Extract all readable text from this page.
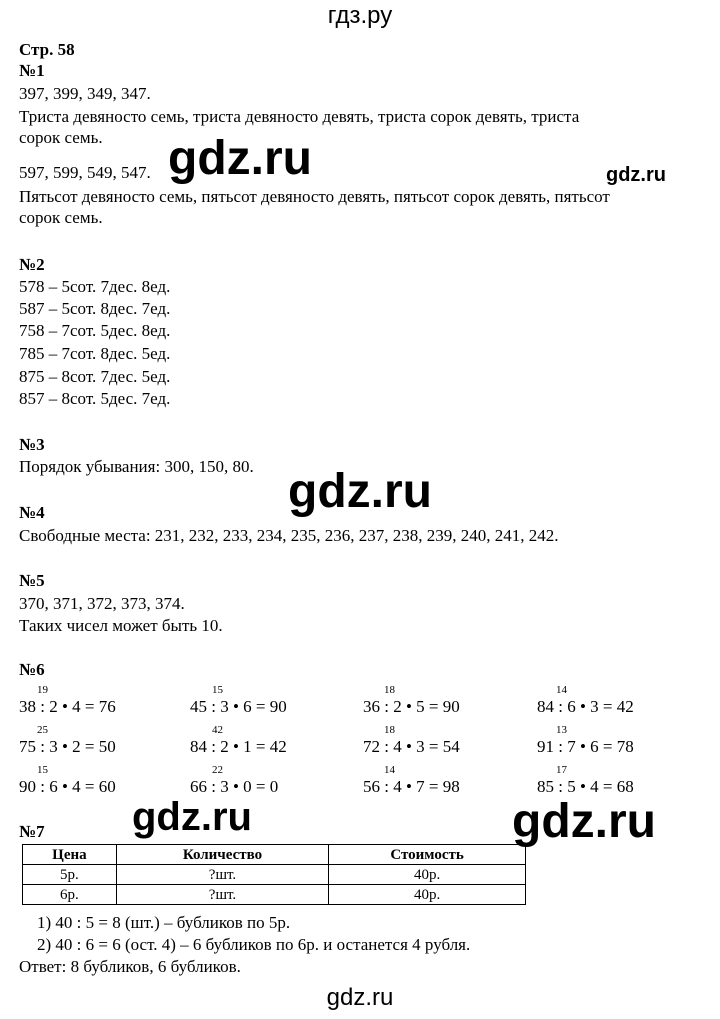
гдз.ру
Стр. 58
№1
397, 399, 349, 347.
Триста девяносто семь, триста девяносто девять, триста сорок девять, триста
сорок семь.
597, 599, 549, 547.
Пятьсот девяносто семь, пятьсот девяносто девять, пятьсот сорок девять, пятьсот
сорок семь.
gdz.ru	gdz.ru
gdz.ru
gdz.ru	gdz.ru
gdz.ru
№2
578 – 5сот. 7дес. 8ед.
587 – 5сот. 8дес. 7ед.
758 – 7сот. 5дес. 8ед.
785 – 7сот. 8дес. 5ед.
875 – 8сот. 7дес. 5ед.
857 – 8сот. 5дес. 7ед.
№3
Порядок убывания: 300, 150, 80.
№4
Свободные места: 231, 232, 233, 234, 235, 236, 237, 238, 239, 240, 241, 242.
№5
370, 371, 372, 373, 374.
Таких чисел может быть 10.
№6
19
38 : 2 • 4 = 76
15
45 : 3 • 6 = 90
18
36 : 2 • 5 = 90
14
84 : 6 • 3 = 42
25
75 : 3 • 2 = 50
42
84 : 2 • 1 = 42
18
72 : 4 • 3 = 54
13
91 : 7 • 6 = 78
15
90 : 6 • 4 = 60
22
66 : 3 • 0 = 0
14
56 : 4 • 7 = 98
17
85 : 5 • 4 = 68
№7
Цена	Количество	Стоимость
5р.	?шт.	40р.
6р.	?шт.	40р.
1) 40 : 5 = 8 (шт.) – бубликов по 5р.
2) 40 : 6 = 6 (ост. 4) – 6 бубликов по 6р. и останется 4 рубля.
Ответ: 8 бубликов, 6 бубликов.
